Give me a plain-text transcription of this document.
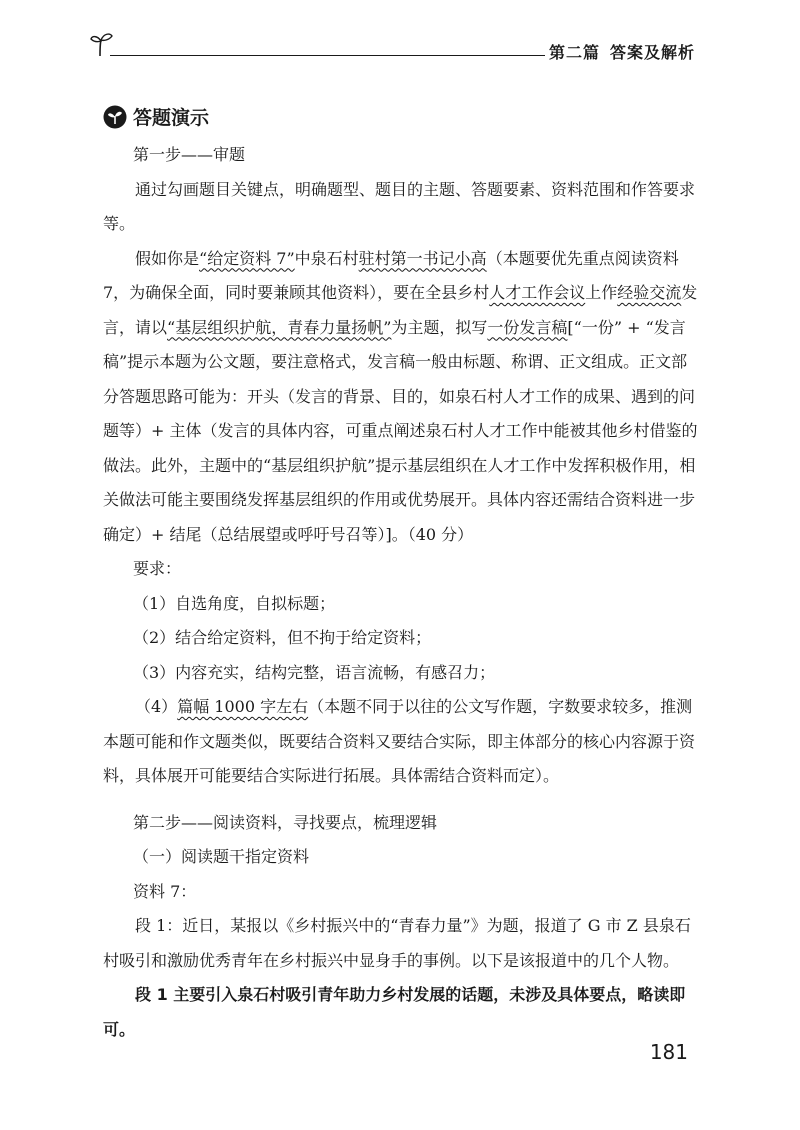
第二篇 答案及解析
答题演示

第一步——审题

通过勾画题目关键点，明确题型、题目的主题、答题要素、资料范围和作答要求等。

假如你是“给定资料 7”中泉石村驻村第一书记小高（本题要优先重点阅读资料 7，为确保全面，同时要兼顾其他资料），要在全县乡村人才工作会议上作经验交流发言，请以“基层组织护航，青春力量扬帆”为主题，拟写一份发言稿[“一份” + “发言稿”提示本题为公文题，要注意格式，发言稿一般由标题、称谓、正文组成。正文部分答题思路可能为：开头（发言的背景、目的，如泉石村人才工作的成果、遇到的问题等）+ 主体（发言的具体内容，可重点阐述泉石村人才工作中能被其他乡村借鉴的做法。此外，主题中的“基层组织护航”提示基层组织在人才工作中发挥积极作用，相关做法可能主要围绕发挥基层组织的作用或优势展开。具体内容还需结合资料进一步确定）+ 结尾（总结展望或呼吁号召等）]。（40 分）

要求：

（1）自选角度，自拟标题；

（2）结合给定资料，但不拘于给定资料；

（3）内容充实，结构完整，语言流畅，有感召力；

（4）篇幅 1000 字左右（本题不同于以往的公文写作题，字数要求较多，推测本题可能和作文题类似，既要结合资料又要结合实际，即主体部分的核心内容源于资料，具体展开可能要结合实际进行拓展。具体需结合资料而定）。

第二步——阅读资料，寻找要点，梳理逻辑

（一）阅读题干指定资料

资料 7：

段 1：近日，某报以《乡村振兴中的“青春力量”》为题，报道了 G 市 Z 县泉石村吸引和激励优秀青年在乡村振兴中显身手的事例。以下是该报道中的几个人物。

段 1 主要引入泉石村吸引青年助力乡村发展的话题，未涉及具体要点，略读即可。

181
